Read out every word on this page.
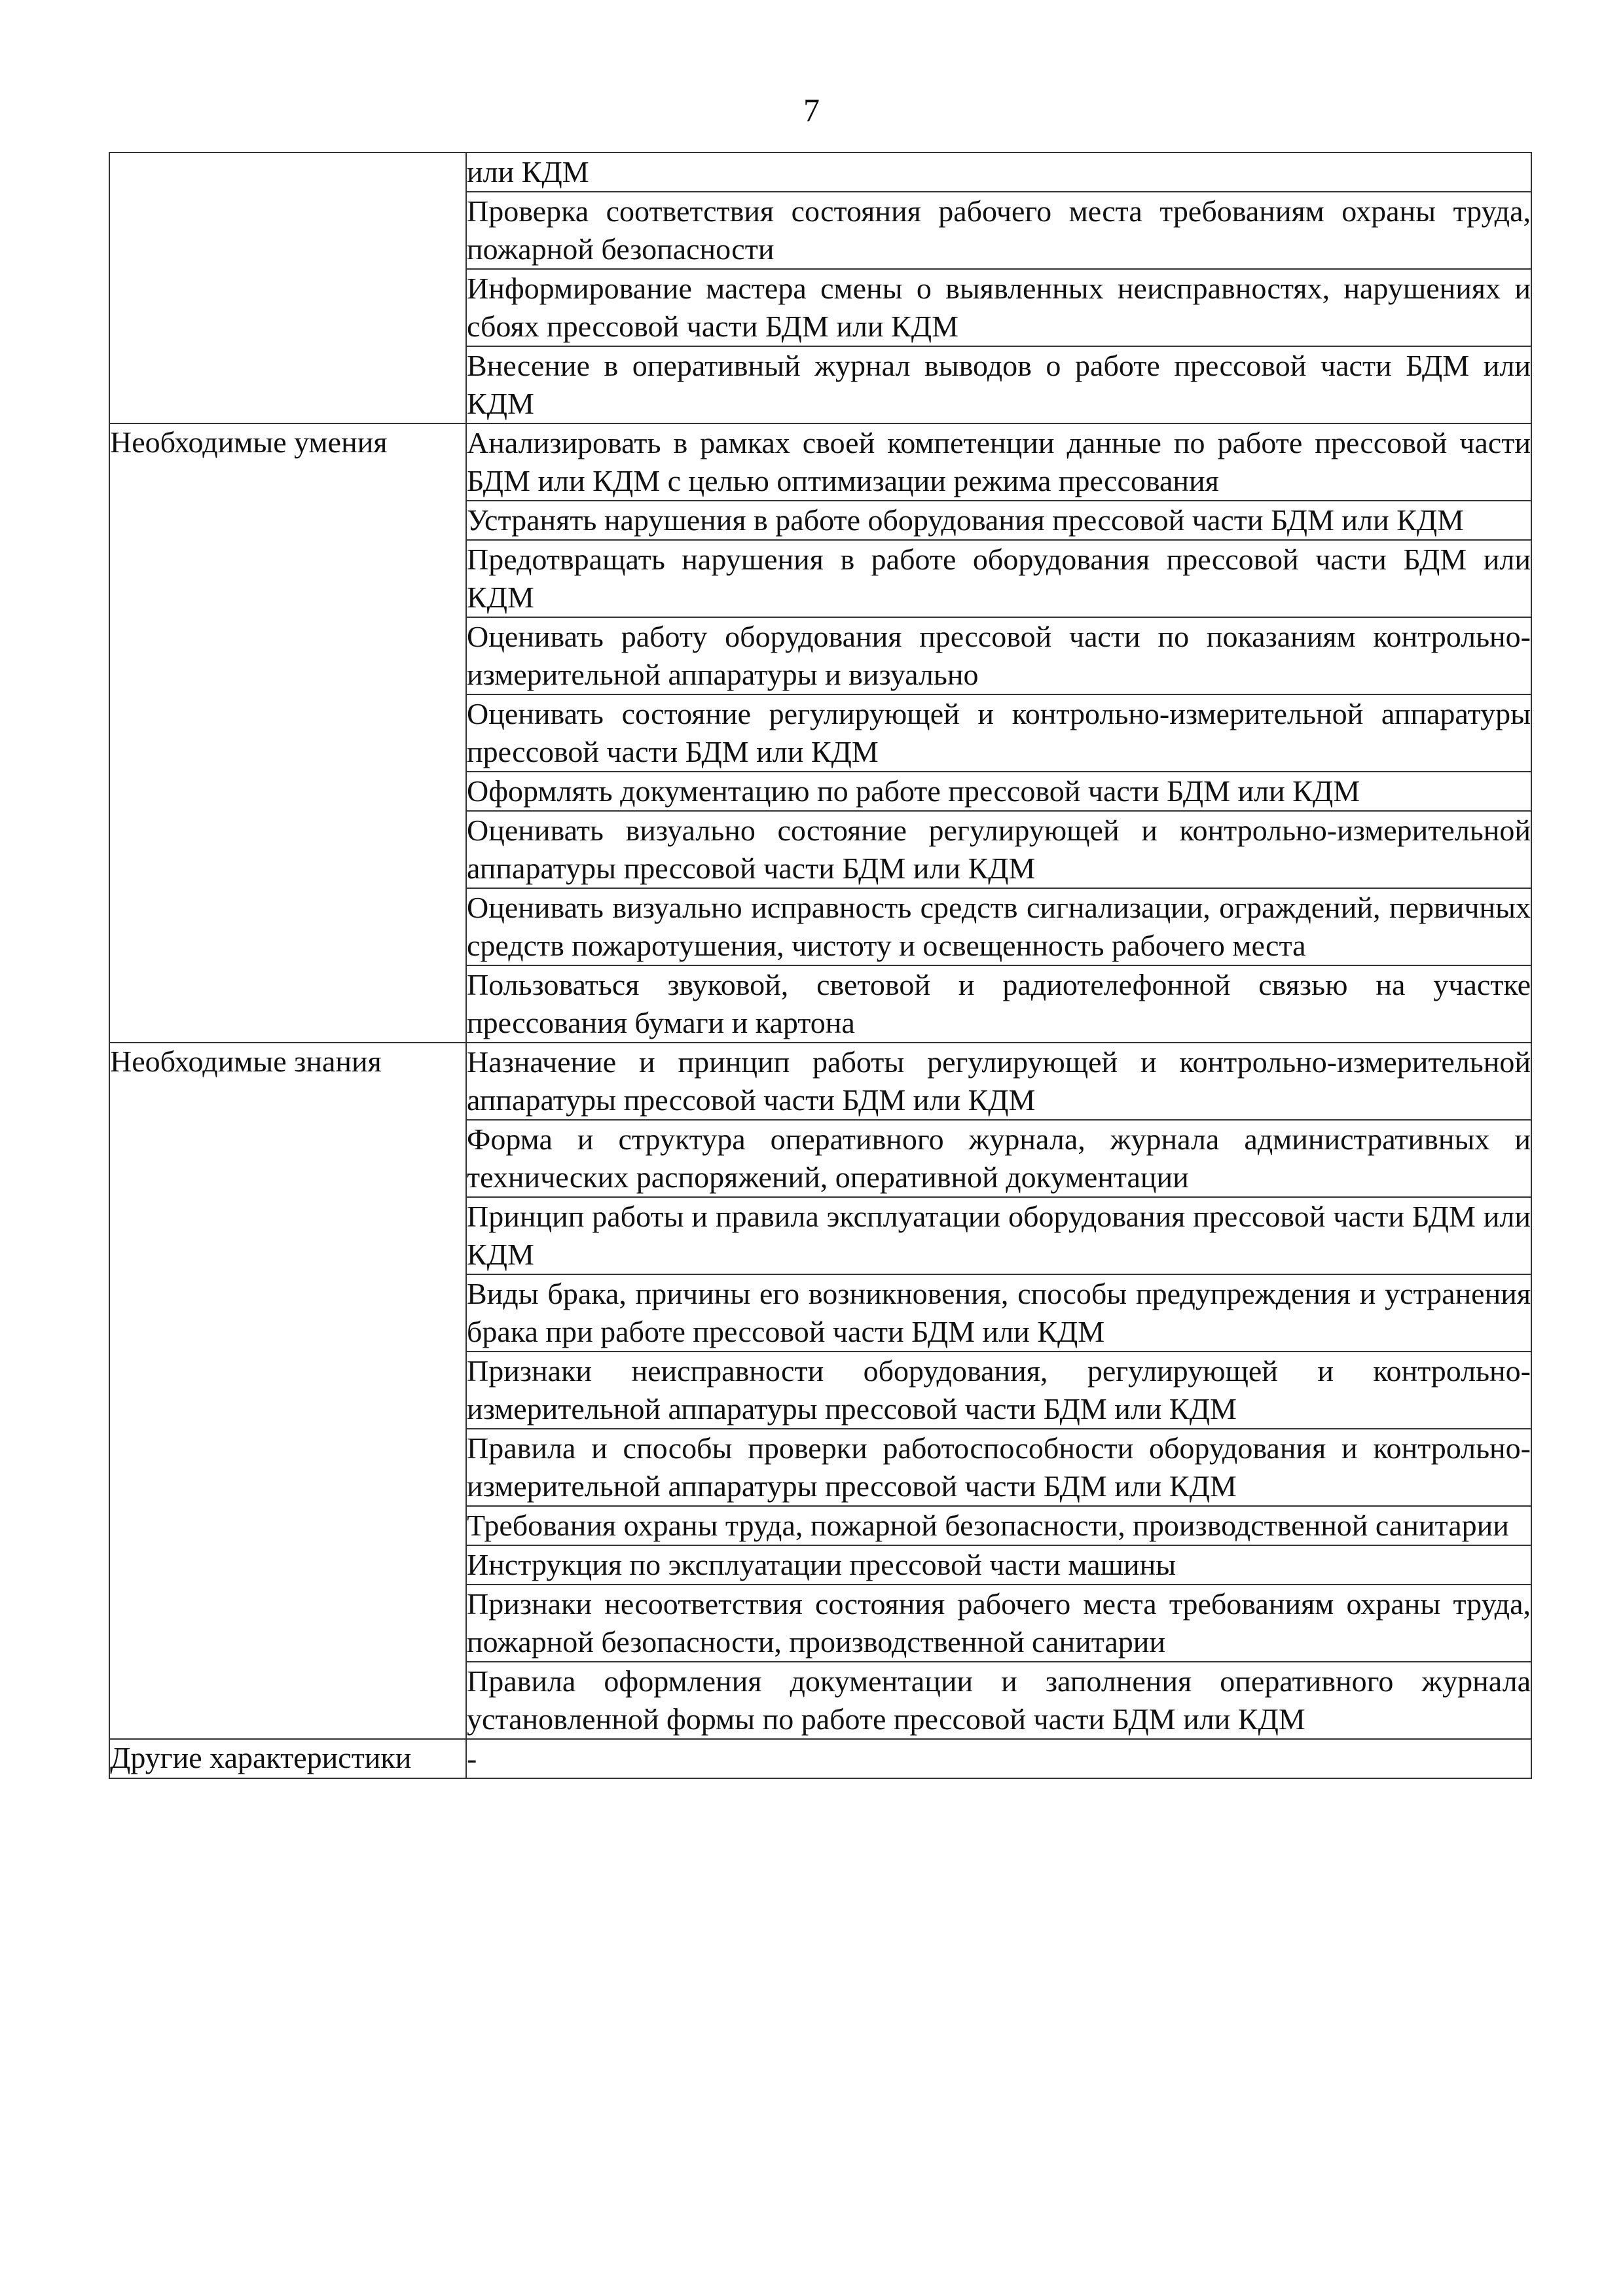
7
	или КДМ
	Проверка соответствия состояния рабочего места требованиям охраны труда, пожарной безопасности
	Информирование мастера смены о выявленных неисправностях, нарушениях и сбоях прессовой части БДМ или КДМ
	Внесение в оперативный журнал выводов о работе прессовой части БДМ или КДМ
Необходимые умения	Анализировать в рамках своей компетенции данные по работе прессовой части БДМ или КДМ с целью оптимизации режима прессования
	Устранять нарушения в работе оборудования прессовой части БДМ или КДМ
	Предотвращать нарушения в работе оборудования прессовой части БДМ или КДМ
	Оценивать работу оборудования прессовой части по показаниям контрольно-измерительной аппаратуры и визуально
	Оценивать состояние регулирующей и контрольно-измерительной аппаратуры прессовой части БДМ или КДМ
	Оформлять документацию по работе прессовой части БДМ или КДМ
	Оценивать визуально состояние регулирующей и контрольно-измерительной аппаратуры прессовой части БДМ или КДМ
	Оценивать визуально исправность средств сигнализации, ограждений, первичных средств пожаротушения, чистоту и освещенность рабочего места
	Пользоваться звуковой, световой и радиотелефонной связью на участке прессования бумаги и картона
Необходимые знания	Назначение и принцип работы регулирующей и контрольно-измерительной аппаратуры прессовой части БДМ или КДМ
	Форма и структура оперативного журнала, журнала административных и технических распоряжений, оперативной документации
	Принцип работы и правила эксплуатации оборудования прессовой части БДМ или КДМ
	Виды брака, причины его возникновения, способы предупреждения и устранения брака при работе прессовой части БДМ или КДМ
	Признаки неисправности оборудования, регулирующей и контрольно-измерительной аппаратуры прессовой части БДМ или КДМ
	Правила и способы проверки работоспособности оборудования и контрольно-измерительной аппаратуры прессовой части БДМ или КДМ
	Требования охраны труда, пожарной безопасности, производственной санитарии
	Инструкция по эксплуатации прессовой части машины
	Признаки несоответствия состояния рабочего места требованиям охраны труда, пожарной безопасности, производственной санитарии
	Правила оформления документации и заполнения оперативного журнала установленной формы по работе прессовой части БДМ или КДМ
Другие характеристики	-
